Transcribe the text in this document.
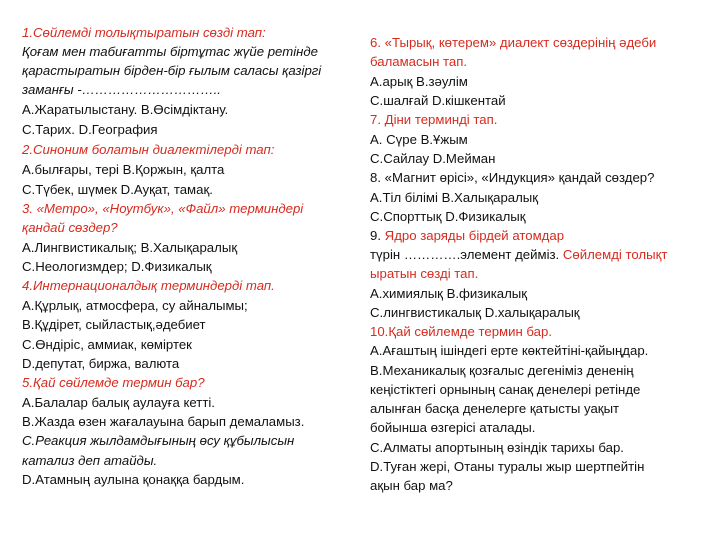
1.Сөйлемді толықтыратын сөзді тап:
Қоғам мен табиғатты біртұтас жүйе ретінде
қарастыратын бірден-бір ғылым саласы қазіргі
заманғы -…………………………..
А.Жаратылыстану. В.Өсімдіктану.
С.Тарих. D.География
2.Синоним болатын диалектілерді тап:
А.былғары, тері В.Қоржын, қалта
С.Түбек, шүмек D.Ауқат, тамақ.
3. «Метро», «Ноутбук», «Файл» терминдері
қандай сөздер?
А.Лингвистикалық; В.Халықаралық
С.Неологизмдер; D.Физикалық
4.Интернационалдық терминдерді тап.
А.Құрлық, атмосфера, су айналымы;
В.Құдірет, сыйластық,әдебиет
С.Өндіріс, аммиак, көміртек
D.депутат, биржа, валюта
5.Қай сөйлемде термин бар?
А.Балалар балық аулауға кетті.
В.Жазда өзен жағалауына барып демаламыз.
С.Реакция жылдамдығының өсу құбылысын
катализ деп атайды.
D.Атамның аулына қонаққа бардым.
6. «Тырық, көтерем» диалект сөздерінің әдеби
баламасын тап.
А.арық В.зәулім
С.шалғай D.кішкентай
7. Діни терминді тап.
А. Сүре В.Ұжым
С.Сайлау D.Мейман
8. «Магнит өрісі», «Индукция» қандай сөздер?
А.Тіл білімі В.Халықаралық
С.Спорттық D.Физикалық
9. Ядро заряды бірдей атомдар
түрін ………….элемент дейміз. Сөйлемді толықт
ыратын сөзді тап.
А.химиялық В.физикалық
С.лингвистикалық D.халықаралық
10.Қай сөйлемде термин бар.
А.Ағаштың ішіндегі ерте көктейтіні-қайыңдар.
В.Механикалық қозғалыс дегеніміз дененің
кеңістіктегі орнының санақ денелері ретінде
алынған басқа денелерге қатысты уақыт
бойынша өзгерісі аталады.
С.Алматы апортының өзіндік тарихы бар.
D.Туған жері, Отаны туралы жыр шертпейтін
ақын бар ма?
